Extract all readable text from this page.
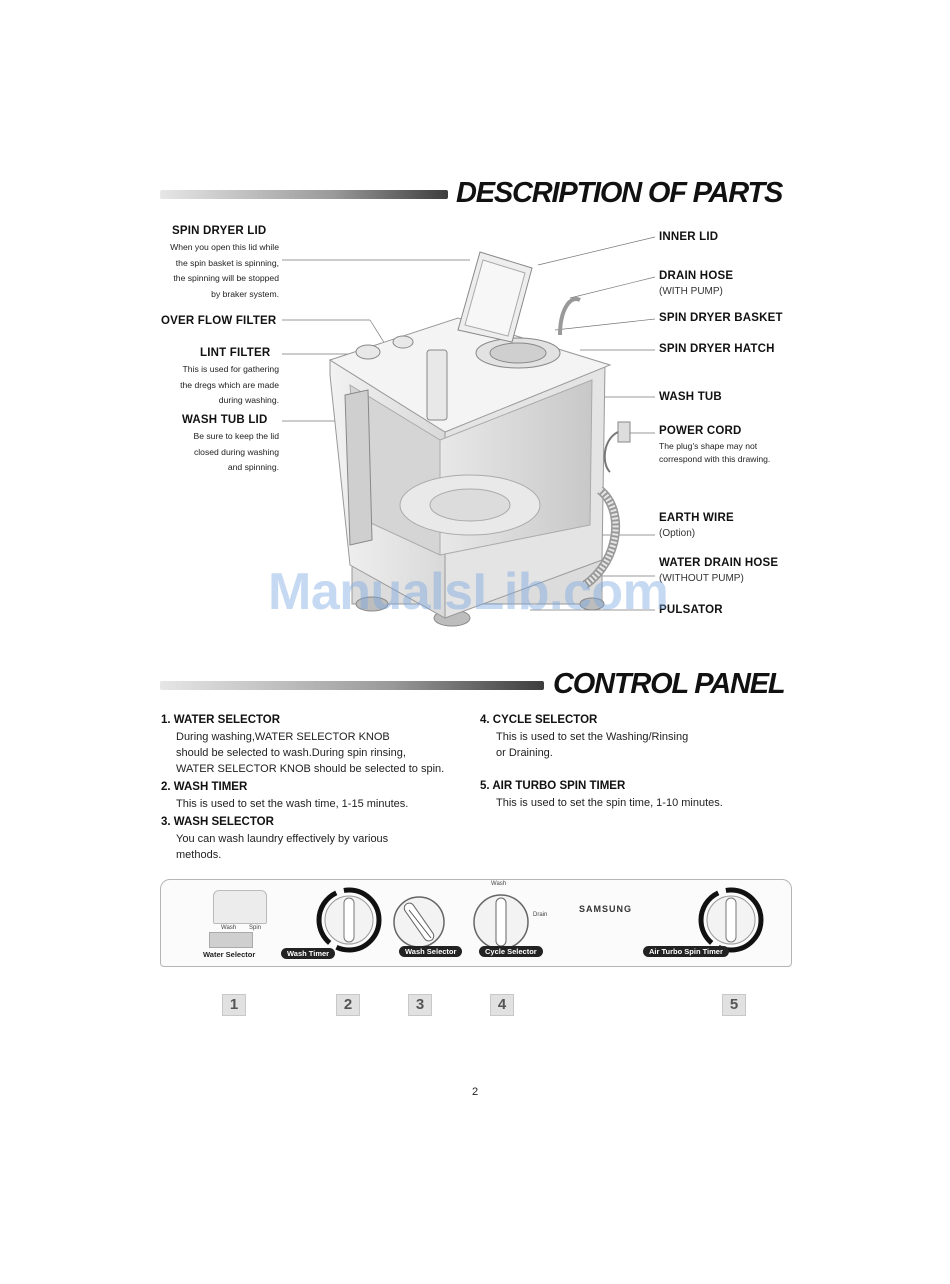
DESCRIPTION OF PARTS
SPIN DRYER LID
When you open this lid while
the spin basket is spinning,
the spinning will be stopped
by braker system.
OVER FLOW FILTER
LINT FILTER
This is used for gathering
the dregs which are made
during washing.
WASH TUB LID
Be sure to keep the lid
closed during washing
and spinning.
INNER LID
DRAIN HOSE
(WITH PUMP)
SPIN DRYER BASKET
SPIN DRYER HATCH
WASH TUB
POWER CORD
The plug's shape may not correspond with this drawing.
EARTH WIRE
(Option)
WATER DRAIN HOSE
(WITHOUT PUMP)
PULSATOR
ManualsLib.com
CONTROL PANEL
1. WATER SELECTOR
During washing,WATER SELECTOR KNOB
should be selected to wash.During spin rinsing,
WATER SELECTOR KNOB should be selected to spin.
2. WASH TIMER
This is used to set the wash time, 1-15 minutes.
3. WASH SELECTOR
You can wash laundry effectively by various
methods.
4. CYCLE SELECTOR
This is used to set the Washing/Rinsing
or Draining.
5. AIR TURBO SPIN TIMER
This is used to set the spin time, 1-10 minutes.
Wash Spin
Water Selector
Wash
Drain
SAMSUNG
Wash Timer	Wash Selector	Cycle Selector	Air Turbo Spin Timer
1	2	3	4	5
2
